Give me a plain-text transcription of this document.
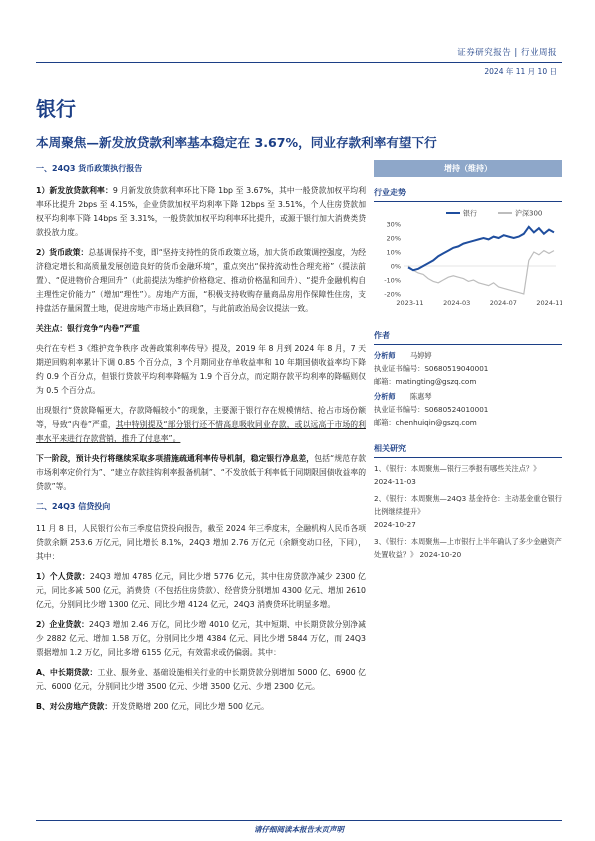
证券研究报告 | 行业周报
2024 年 11 月 10 日
银行
本周聚焦—新发放贷款利率基本稳定在 3.67%，同业存款利率有望下行
一、24Q3 货币政策执行报告

1）新发放贷款利率：9 月新发放贷款利率环比下降 1bp 至 3.67%，其中一般贷款加权平均利率环比提升 2bps 至 4.15%，企业贷款加权平均利率下降 12bps 至 3.51%，个人住房贷款加权平均利率下降 14bps 至 3.31%，一般贷款加权平均利率环比提升，或源于银行加大消费类贷款投放力度。

2）货币政策：总基调保持不变，即“坚持支持性的货币政策立场，加大货币政策调控强度，为经济稳定增长和高质量发展创造良好的货币金融环境”，重点突出“保持流动性合理充裕”（提法前置）、“促进物价合理回升”（此前提法为维护价格稳定、推动价格温和回升）、“提升金融机构自主理性定价能力”（增加“理性”）。房地产方面，“积极支持收购存量商品房用作保障性住房，支持盘活存量闲置土地，促进房地产市场止跌回稳”，与此前政治局会议提法一致。

关注点：银行竞争“内卷”严重

央行在专栏 3《维护竞争秩序 改善政策利率传导》提及，2019 年 8 月到 2024 年 8 月，7 天期逆回购利率累计下调 0.85 个百分点，3 个月期同业存单收益率和 10 年期国债收益率均下降约 0.9 个百分点，但银行贷款平均利率降幅为 1.9 个百分点，而定期存款平均利率的降幅则仅为 0.5 个百分点。

出现银行“贷款降幅更大，存款降幅较小”的现象，主要源于银行存在规模情结、抢占市场份额等，导致“内卷”严重，其中特别提及“部分银行还不惜高息吸收同业存款，或以远高于市场的利率水平来进行存款营销，推升了付息率”。

下一阶段，预计央行将继续采取多项措施疏通利率传导机制，稳定银行净息差，包括“规范存款市场利率定价行为”、“建立存款挂钩利率报备机制”、“不发放低于利率低于同期限国债收益率的贷款”等。

二、24Q3 信贷投向

11 月 8 日，人民银行公布三季度信贷投向报告，截至 2024 年三季度末，全融机构人民币各项贷款余额 253.6 万亿元，同比增长 8.1%，24Q3 增加 2.76 万亿元（余额变动口径，下同），其中：

1）个人贷款：24Q3 增加 4785 亿元，同比少增 5776 亿元，其中住房贷款净减少 2300 亿元，同比多减 500 亿元，消费贷（不包括住房贷款）、经营贷分别增加 4300 亿元、增加 2610 亿元，分别同比少增 1300 亿元、同比少增 4124 亿元，24Q3 消费贷环比明显多增。

2）企业贷款：24Q3 增加 2.46 万亿，同比少增 4010 亿元，其中短期、中长期贷款分别净减少 2882 亿元、增加 1.58 万亿，分别同比少增 4384 亿元、同比少增 5844 万亿，而 24Q3 票据增加 1.2 万亿，同比多增 6155 亿元，有效需求或仍偏弱。其中：

A、中长期贷款：工业、服务业、基础设施相关行业的中长期贷款分别增加 5000 亿、6900 亿元、6000 亿元，分别同比少增 3500 亿元、少增 3500 亿元、少增 2300 亿元。

B、对公房地产贷款：开发贷略增 200 亿元，同比少增 500 亿元。

增持（维持）
行业走势
30%
20%
10%
0%
-10%
-20%
2023-11	2024-03	2024-07	2024-11
银行	沪深300
作者
分析师 马婷婷
执业证书编号：S0680519040001
邮箱：matingting@gszq.com
分析师 陈惠琴
执业证书编号：S0680524010001
邮箱：chenhuiqin@gszq.com
相关研究
1、《银行：本周聚焦—银行三季报有哪些关注点？》
2024-11-03
2、《银行：本周聚焦—24Q3 基金持仓：主动基金重仓银行比例继续提升》
2024-10-27
3、《银行：本周聚焦—上市银行上半年确认了多少金融资产处置收益？》 2024-10-20
请仔细阅读本报告末页声明
